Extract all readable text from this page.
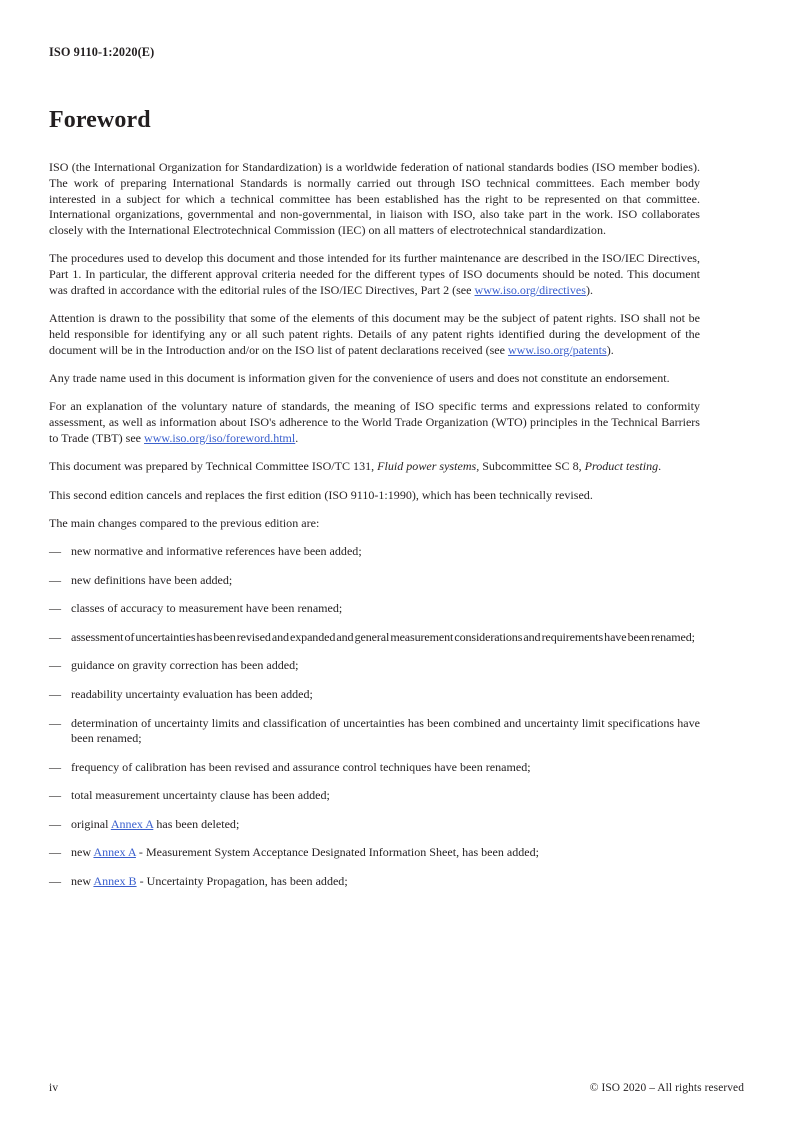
ISO 9110-1:2020(E)
Foreword

ISO (the International Organization for Standardization) is a worldwide federation of national standards bodies (ISO member bodies). The work of preparing International Standards is normally carried out through ISO technical committees. Each member body interested in a subject for which a technical committee has been established has the right to be represented on that committee. International organizations, governmental and non-governmental, in liaison with ISO, also take part in the work. ISO collaborates closely with the International Electrotechnical Commission (IEC) on all matters of electrotechnical standardization.

The procedures used to develop this document and those intended for its further maintenance are described in the ISO/IEC Directives, Part 1. In particular, the different approval criteria needed for the different types of ISO documents should be noted. This document was drafted in accordance with the editorial rules of the ISO/IEC Directives, Part 2 (see www.iso.org/directives).

Attention is drawn to the possibility that some of the elements of this document may be the subject of patent rights. ISO shall not be held responsible for identifying any or all such patent rights. Details of any patent rights identified during the development of the document will be in the Introduction and/or on the ISO list of patent declarations received (see www.iso.org/patents).

Any trade name used in this document is information given for the convenience of users and does not constitute an endorsement.

For an explanation of the voluntary nature of standards, the meaning of ISO specific terms and expressions related to conformity assessment, as well as information about ISO's adherence to the World Trade Organization (WTO) principles in the Technical Barriers to Trade (TBT) see www.iso.org/iso/foreword.html.

This document was prepared by Technical Committee ISO/TC 131, Fluid power systems, Subcommittee SC 8, Product testing.

This second edition cancels and replaces the first edition (ISO 9110-1:1990), which has been technically revised.

The main changes compared to the previous edition are:

— new normative and informative references have been added;
— new definitions have been added;
— classes of accuracy to measurement have been renamed;
— assessment of uncertainties has been revised and expanded and general measurement considerations and requirements have been renamed;
— guidance on gravity correction has been added;
— readability uncertainty evaluation has been added;
— determination of uncertainty limits and classification of uncertainties has been combined and uncertainty limit specifications have been renamed;
— frequency of calibration has been revised and assurance control techniques have been renamed;
— total measurement uncertainty clause has been added;
— original Annex A has been deleted;
— new Annex A - Measurement System Acceptance Designated Information Sheet, has been added;
— new Annex B - Uncertainty Propagation, has been added;
iv	© ISO 2020 – All rights reserved
